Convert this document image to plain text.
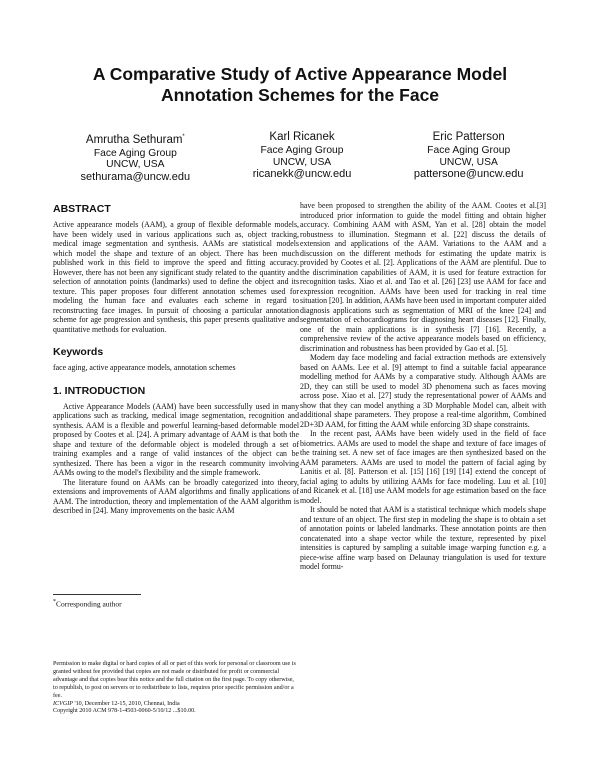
A Comparative Study of Active Appearance Model
Annotation Schemes for the Face
Amrutha Sethuram*
Face Aging Group
UNCW, USA
sethurama@uncw.edu
Karl Ricanek
Face Aging Group
UNCW, USA
ricanekk@uncw.edu
Eric Patterson
Face Aging Group
UNCW, USA
pattersone@uncw.edu
ABSTRACT

Active appearance models (AAM), a group of flexible deformable models, have been widely used in various applications such as, object tracking, medical image segmentation and synthesis. AAMs are statistical models which model the shape and texture of an object. There has been much published work in this field to improve the speed and fitting accuracy. However, there has not been any significant study related to the quantity and selection of annotation points (landmarks) used to define the object and its texture. This paper proposes four different annotation schemes used for modeling the human face and evaluates each scheme in regard to reconstructing face images. In pursuit of choosing a particular annotation scheme for age progression and synthesis, this paper presents qualitative and quantitative methods for evaluation.

Keywords

face aging, active appearance models, annotation schemes

1. INTRODUCTION

Active Appearance Models (AAM) have been successfully used in many applications such as tracking, medical image segmentation, recognition and synthesis. AAM is a flexible and powerful learning-based deformable model proposed by Cootes et al. [24]. A primary advantage of AAM is that both the shape and texture of the deformable object is modeled through a set of training examples and a range of valid instances of the object can be synthesized. There has been a vigor in the research community involving AAMs owing to the model's flexibility and the simple framework.

The literature found on AAMs can be broadly categorized into theory, extensions and improvements of AAM algorithms and finally applications of AAM. The introduction, theory and implementation of the AAM algorithm is described in [24]. Many improvements on the basic AAM

*Corresponding author
Permission to make digital or hard copies of all or part of this work for personal or classroom use is granted without fee provided that copies are not made or distributed for profit or commercial advantage and that copies bear this notice and the full citation on the first page. To copy otherwise, to republish, to post on servers or to redistribute to lists, requires prior specific permission and/or a fee.
ICVGIP '10, December 12-15, 2010, Chennai, India
Copyright 2010 ACM 978-1-4503-0060-5/10/12 ...$10.00.

have been proposed to strengthen the ability of the AAM. Cootes et al.[3] introduced prior information to guide the model fitting and obtain higher accuracy. Combining AAM with ASM, Yan et al. [28] obtain the model robustness to illumination. Stegmann et al. [22] discuss the details of extension and applications of the AAM. Variations to the AAM and a discussion on the different methods for estimating the update matrix is provided by Cootes et al. [2]. Applications of the AAM are plentiful. Due to the discrimination capabilities of AAM, it is used for feature extraction for recognition tasks. Xiao et al. and Tao et al. [26] [23] use AAM for face and expression recognition. AAMs have been used for tracking in real time situation [20]. In addition, AAMs have been used in important computer aided diagnosis applications such as segmentation of MRI of the knee [24] and segmentation of echocardiograms for diagnosing heart diseases [12]. Finally, one of the main applications is in synthesis [7] [16]. Recently, a comprehensive review of the active appearance models based on efficiency, discrimination and robustness has been provided by Gao et al. [5].

Modern day face modeling and facial extraction methods are extensively based on AAMs. Lee et al. [9] attempt to find a suitable facial appearance modelling method for AAMs by a comparative study. Although AAMs are 2D, they can still be used to model 3D phenomena such as faces moving across pose. Xiao et al. [27] study the representational power of AAMs and show that they can model anything a 3D Morphable Model can, albeit with additional shape parameters. They propose a real-time algorithm, Combined 2D+3D AAM, for fitting the AAM while enforcing 3D shape constraints.

In the recent past, AAMs have been widely used in the field of face biometrics. AAMs are used to model the shape and texture of face images of the training set. A new set of face images are then synthesized based on the AAM parameters. AAMs are used to model the pattern of facial aging by Lanitis et al. [8]. Patterson et al. [15] [16] [19] [14] extend the concept of facial aging to adults by utilizing AAMs for face modeling. Luu et al. [10] and Ricanek et al. [18] use AAM models for age estimation based on the face model.

It should be noted that AAM is a statistical technique which models shape and texture of an object. The first step in modeling the shape is to obtain a set of annotation points or labeled landmarks. These annotation points are then concatenated into a shape vector while the texture, represented by pixel intensities is captured by sampling a suitable image warping function e.g. a piece-wise affine warp based on Delaunay triangulation is used for texture model formu-
